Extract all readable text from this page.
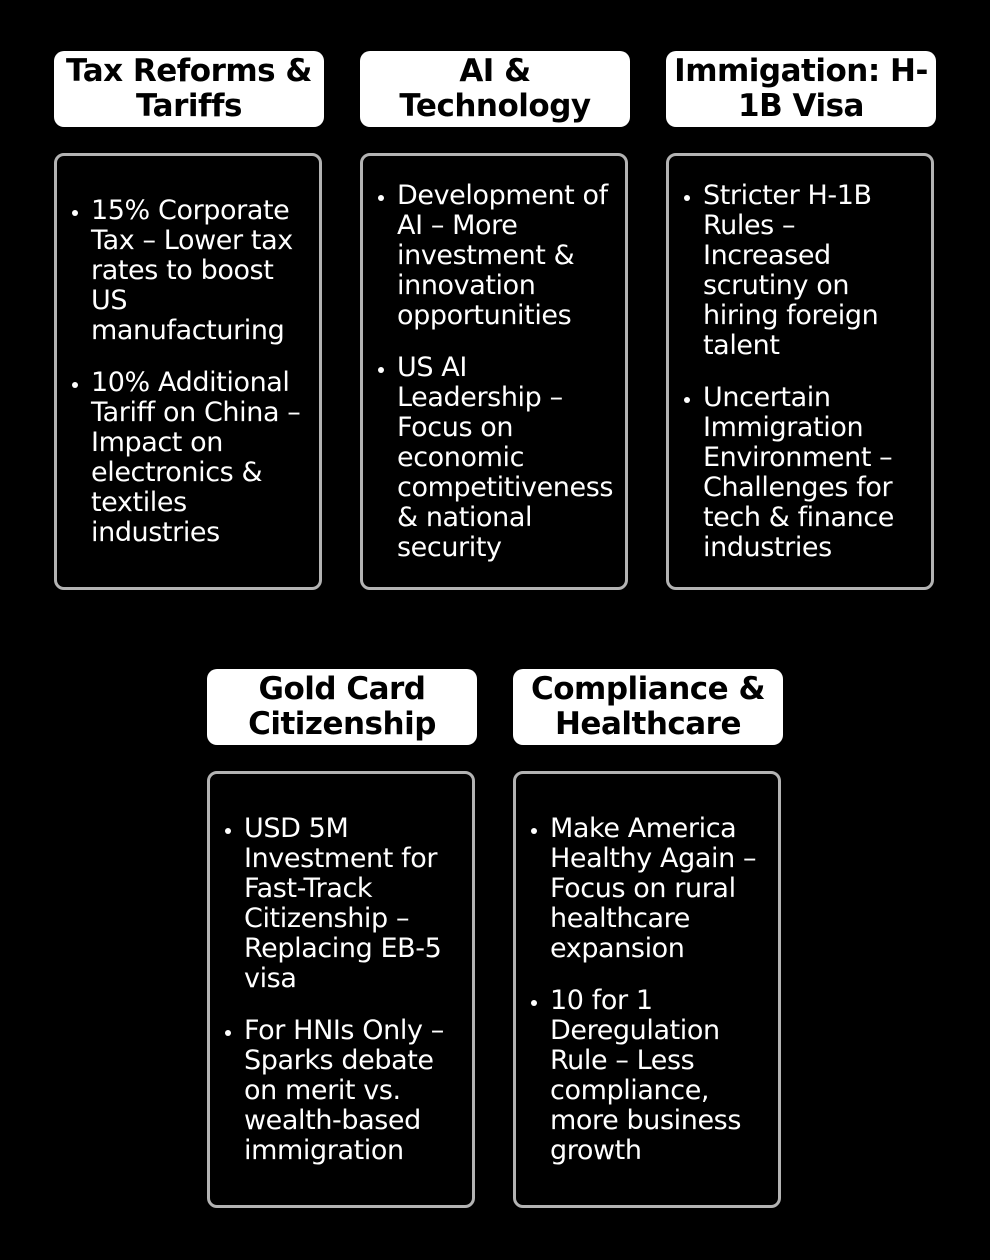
Tax Reforms & Tariffs
• 15% Corporate Tax – Lower tax rates to boost US manufacturing
• 10% Additional Tariff on China – Impact on electronics & textiles industries
AI & Technology
• Development of AI – More investment & innovation opportunities
• US AI Leadership – Focus on economic competitiveness & national security
Immigation: H-1B Visa
• Stricter H-1B Rules – Increased scrutiny on hiring foreign talent
• Uncertain Immigration Environment – Challenges for tech & finance industries
Gold Card Citizenship
• USD 5M Investment for Fast-Track Citizenship – Replacing EB-5 visa
• For HNIs Only – Sparks debate on merit vs. wealth-based immigration
Compliance & Healthcare
• Make America Healthy Again – Focus on rural healthcare expansion
• 10 for 1 Deregulation Rule – Less compliance, more business growth
